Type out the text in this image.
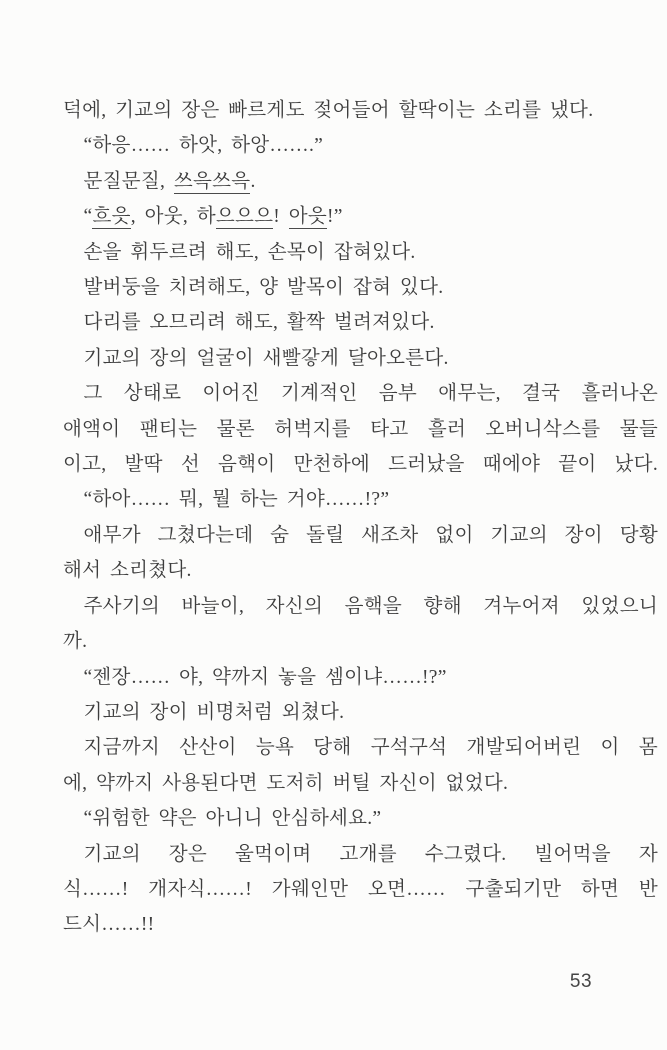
덕에, 기교의 장은 빠르게도 젖어들어 할딱이는 소리를 냈다.
“하응…… 하앗, 하앙…….”
문질문질, 쓰윽쓰윽.
“흐읏, 아웃, 하으으으! 아읏!”
손을 휘두르려 해도, 손목이 잡혀있다.
발버둥을 치려해도, 양 발목이 잡혀 있다.
다리를 오므리려 해도, 활짝 벌려져있다.
기교의 장의 얼굴이 새빨갛게 달아오른다.
그 상태로 이어진 기계적인 음부 애무는, 결국 흘러나온
애액이 팬티는 물론 허벅지를 타고 흘러 오버니삭스를 물들
이고, 발딱 선 음핵이 만천하에 드러났을 때에야 끝이 났다.
“하아…… 뭐, 뭘 하는 거야……!?”
애무가 그쳤다는데 숨 돌릴 새조차 없이 기교의 장이 당황
해서 소리쳤다.
주사기의 바늘이, 자신의 음핵을 향해 겨누어져 있었으니
까.
“젠장…… 야, 약까지 놓을 셈이냐……!?”
기교의 장이 비명처럼 외쳤다.
지금까지 산산이 능욕 당해 구석구석 개발되어버린 이 몸
에, 약까지 사용된다면 도저히 버틸 자신이 없었다.
“위험한 약은 아니니 안심하세요.”
기교의 장은 울먹이며 고개를 수그렸다. 빌어먹을 자
식……! 개자식……! 가웨인만 오면…… 구출되기만 하면 반
드시……!!
53
